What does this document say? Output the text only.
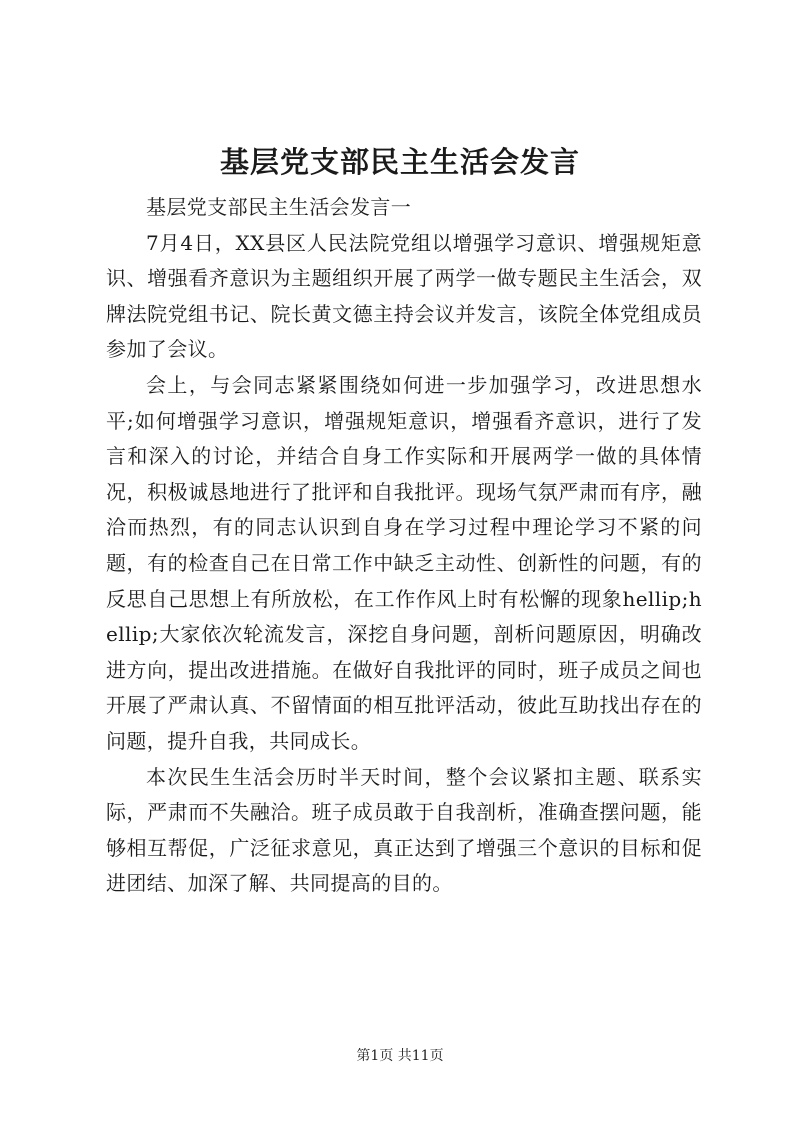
基层党支部民主生活会发言

基层党支部民主生活会发言一

7月4日，XX县区人民法院党组以增强学习意识、增强规矩意识、增强看齐意识为主题组织开展了两学一做专题民主生活会，双牌法院党组书记、院长黄文德主持会议并发言，该院全体党组成员参加了会议。

会上，与会同志紧紧围绕如何进一步加强学习，改进思想水平;如何增强学习意识，增强规矩意识，增强看齐意识，进行了发言和深入的讨论，并结合自身工作实际和开展两学一做的具体情况，积极诚恳地进行了批评和自我批评。现场气氛严肃而有序，融洽而热烈，有的同志认识到自身在学习过程中理论学习不紧的问题，有的检查自己在日常工作中缺乏主动性、创新性的问题，有的反思自己思想上有所放松，在工作作风上时有松懈的现象hellip;hellip;大家依次轮流发言，深挖自身问题，剖析问题原因，明确改进方向，提出改进措施。在做好自我批评的同时，班子成员之间也开展了严肃认真、不留情面的相互批评活动，彼此互助找出存在的问题，提升自我，共同成长。

本次民生生活会历时半天时间，整个会议紧扣主题、联系实际，严肃而不失融洽。班子成员敢于自我剖析，准确查摆问题，能够相互帮促，广泛征求意见，真正达到了增强三个意识的目标和促进团结、加深了解、共同提高的目的。

第1页 共11页
